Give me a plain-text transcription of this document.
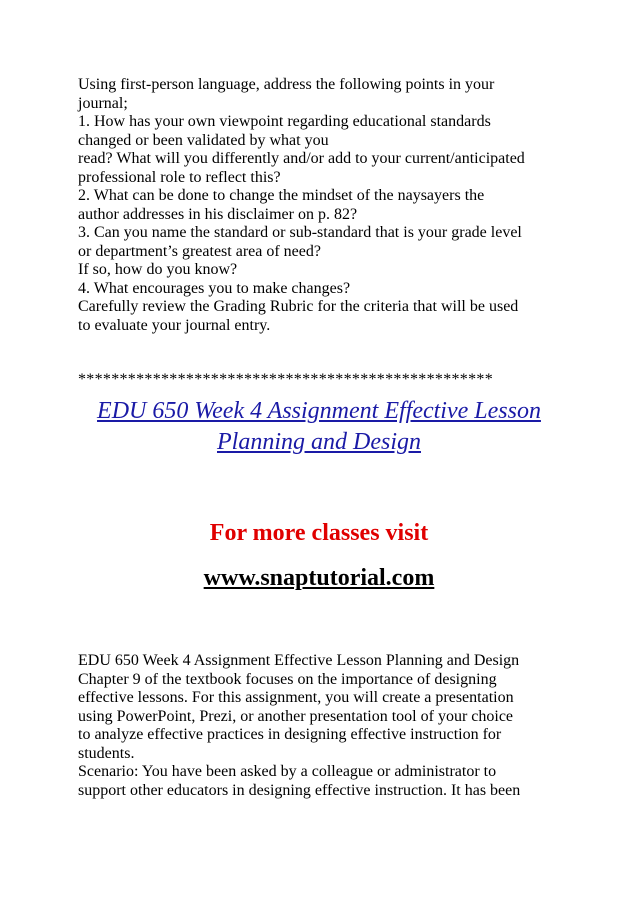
Using first-person language, address the following points in your

journal;

1. How has your own viewpoint regarding educational standards

changed or been validated by what you

read? What will you differently and/or add to your current/anticipated

professional role to reflect this?

2. What can be done to change the mindset of the naysayers the

author addresses in his disclaimer on p. 82?

3. Can you name the standard or sub-standard that is your grade level

or department’s greatest area of need?

If so, how do you know?

4. What encourages you to make changes?

Carefully review the Grading Rubric for the criteria that will be used

to evaluate your journal entry.

**************************************************
EDU 650 Week 4 Assignment Effective Lesson
Planning and Design
For more classes visit
www.snaptutorial.com

EDU 650 Week 4 Assignment Effective Lesson Planning and Design

Chapter 9 of the textbook focuses on the importance of designing

effective lessons. For this assignment, you will create a presentation

using PowerPoint, Prezi, or another presentation tool of your choice

to analyze effective practices in designing effective instruction for

students.

Scenario: You have been asked by a colleague or administrator to

support other educators in designing effective instruction. It has been
